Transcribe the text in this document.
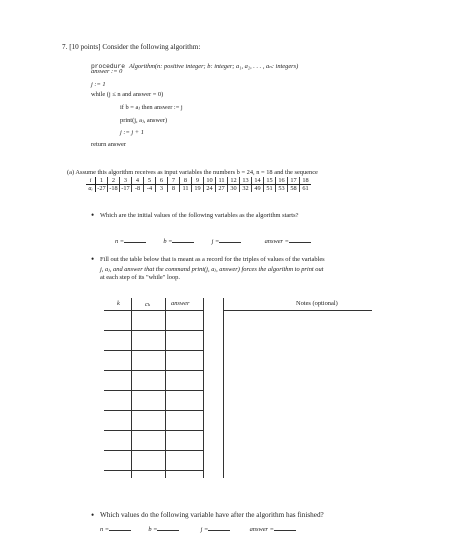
7. [10 points] Consider the following algorithm:
procedure Algorithm(n: positive integer; b: integer; a₁, a₂, . . . , aₙ: integers)
answer := 0
j := 1
while (j ≤ n and answer = 0)
if b = aⱼ then answer := j
print(j, aⱼ, answer)
j := j + 1
return answer
(a) Assume this algorithm receives as input variables the numbers b = 24, n = 18 and the sequence
i	1	2	3	4	5	6	7	8	9	10	11	12	13	14	15	16	17	18
aᵢ	-27	-18	-17	-8	-4	3	8	11	19	24	27	30	32	49	51	53	58	61
• Which are the initial values of the following variables as the algorithm starts?
n =	b =	j =	answer =
• Fill out the table below that is meant as a record for the triples of values of the variables
j, aⱼ, and answer that the command print(j, aⱼ, answer) forces the algorithm to print out
at each step of its "while" loop.
k	cₖ	answer	Notes (optional)
• Which values do the following variable have after the algorithm has finished?
n =	b =	j =	answer =
